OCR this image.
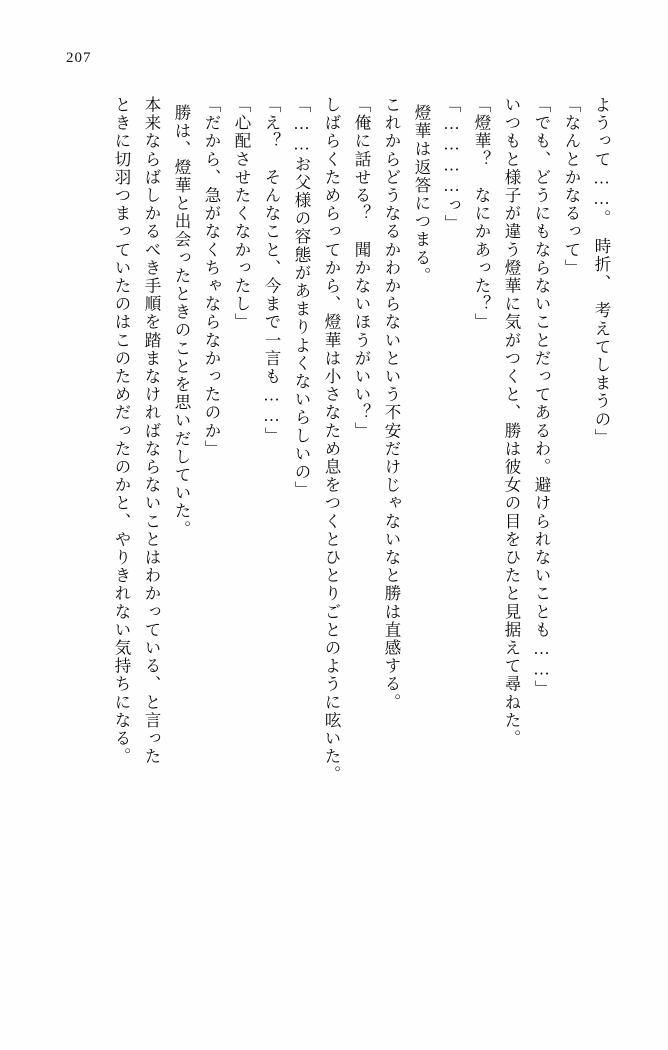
207
ようって……。　時折、　考えてしまうの」
「なんとかなるって」
「でも、どうにもならないことだってあるわ。避けられないことも……」
いつもと様子が違う燈華に気がつくと、勝は彼女の目をひたと見据えて尋ねた。
「燈華？　なにかあった？」
「…………っ」
燈華は返答につまる。
これからどうなるかわからないという不安だけじゃないなと勝は直感する。
「俺に話せる？　聞かないほうがいい？」
しばらくためらってから、燈華は小さなため息をつくとひとりごとのように呟いた。
「……お父様の容態があまりよくないらしいの」
「え？　そんなこと、今まで一言も……」
「心配させたくなかったし」
「だから、急がなくちゃならなかったのか」
勝は、燈華と出会ったときのことを思いだしていた。
本来ならばしかるべき手順を踏まなければならないことはわかっている、と言った
ときに切羽つまっていたのはこのためだったのかと、やりきれない気持ちになる。
